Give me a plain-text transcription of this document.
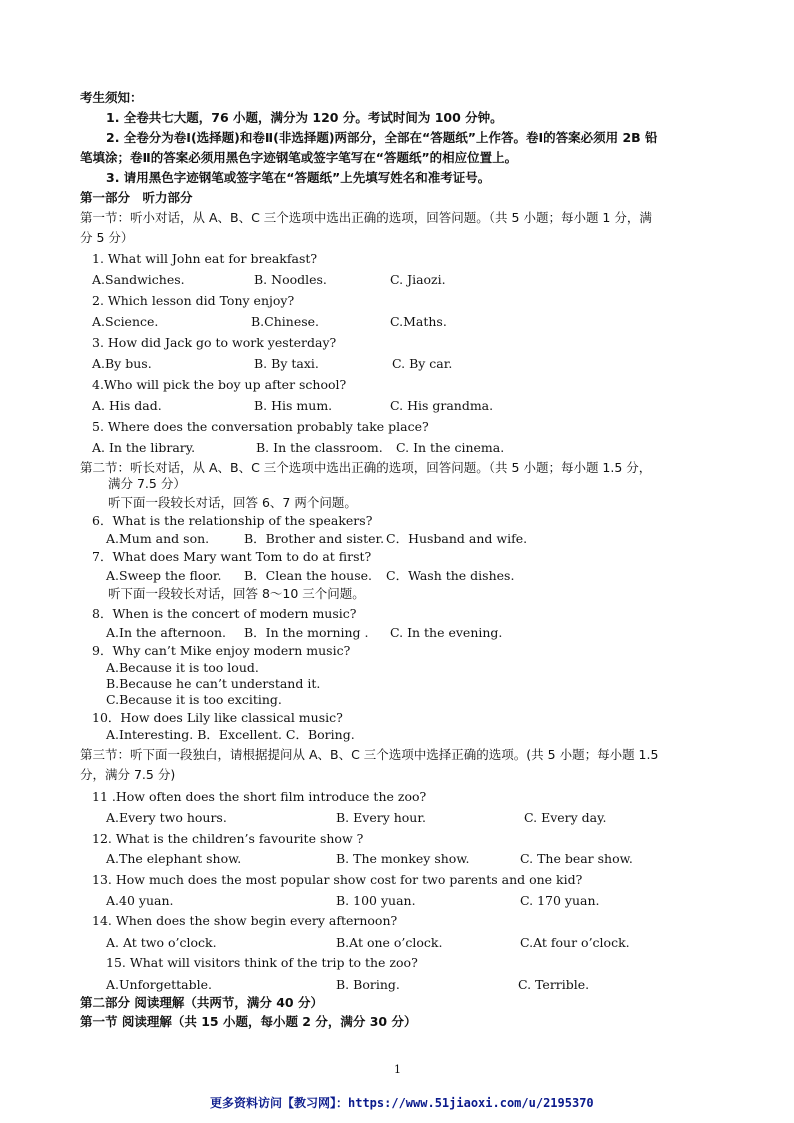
考生须知：
1. 全卷共七大题，76 小题，满分为 120 分。考试时间为 100 分钟。
2. 全卷分为卷Ⅰ(选择题)和卷Ⅱ(非选择题)两部分，全部在“答题纸”上作答。卷Ⅰ的答案必须用 2B 铅
笔填涂；卷Ⅱ的答案必须用黑色字迹钢笔或签字笔写在“答题纸”的相应位置上。
3. 请用黑色字迹钢笔或签字笔在“答题纸”上先填写姓名和准考证号。
第一部分　听力部分
第一节：听小对话，从 A、B、C 三个选项中选出正确的选项，回答问题。（共 5 小题；每小题 1 分，满
分 5 分）
1. What will John eat for breakfast?
A.Sandwiches.	B. Noodles.	C. Jiaozi.
2. Which lesson did Tony enjoy?
A.Science.	B.Chinese.	C.Maths.
3. How did Jack go to work yesterday?
A.By bus.	B. By taxi.	C. By car.
4.Who will pick the boy up after school?
A. His dad.	B. His mum.	C. His grandma.
5. Where does the conversation probably take place?
A. In the library.	B. In the classroom. C. In the cinema.
第二节：听长对话，从 A、B、C 三个选项中选出正确的选项，回答问题。（共 5 小题；每小题 1.5 分，
满分 7.5 分）
听下面一段较长对话，回答 6、7 两个问题。
6．What is the relationship of the speakers?
A.Mum and son.	B．Brother and sister. C．Husband and wife.
7．What does Mary want Tom to do at first?
A.Sweep the floor. B．Clean the house. C．Wash the dishes.
听下面一段较长对话，回答 8～10 三个问题。
8．When is the concert of modern music?
A.In the afternoon. B．In the morning . C. In the evening.
9．Why can’t Mike enjoy modern music?
A.Because it is too loud.
B.Because he can’t understand it.
C.Because it is too exciting.
10．How does Lily like classical music?
A.Interesting. B．Excellent. C．Boring.
第三节：听下面一段独白，请根据提问从 A、B、C 三个选项中选择正确的选项。(共 5 小题；每小题 1.5
分，满分 7.5 分)
11 .How often does the short film introduce the zoo?
A.Every two hours.	B. Every hour.	C. Every day.
12. What is the children’s favourite show ?
A.The elephant show.	B. The monkey show.	C. The bear show.
13. How much does the most popular show cost for two parents and one kid?
A.40 yuan.	B. 100 yuan.	C. 170 yuan.
14. When does the show begin every afternoon?
A. At two o’clock.	B.At one o’clock.	C.At four o’clock.
15. What will visitors think of the trip to the zoo?
A.Unforgettable.	B. Boring.	C. Terrible.
第二部分 阅读理解（共两节，满分 40 分）
第一节 阅读理解（共 15 小题，每小题 2 分，满分 30 分）
1
更多资料访问【教习网】：https://www.51jiaoxi.com/u/2195370
